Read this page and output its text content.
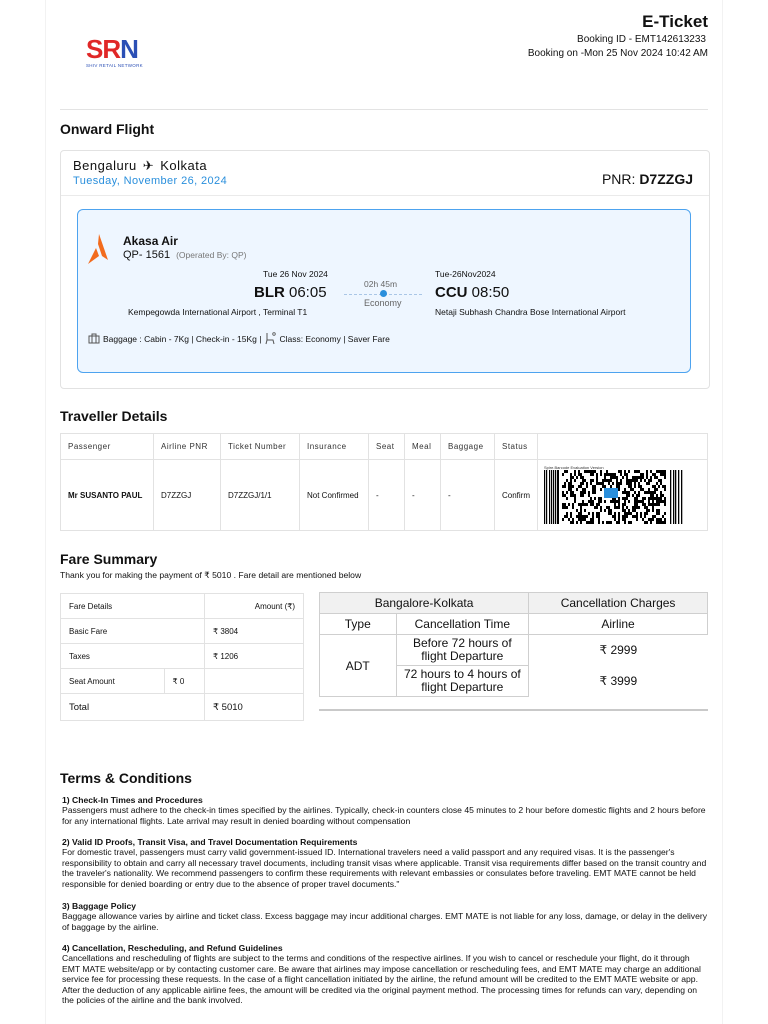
SRN
SHIV RETAIL NETWORK
E-Ticket
Booking ID - EMT142613233
Booking on -Mon 25 Nov 2024 10:42 AM
Onward Flight
Bengaluru ✈ Kolkata
Tuesday, November 26, 2024	PNR: D7ZZGJ
Akasa Air
QP- 1561 (Operated By: QP)
Tue 26 Nov 2024
BLR 06:05
Kempegowda International Airport , Terminal T1
02h 45m
Economy
Tue-26Nov2024
CCU 08:50
Netaji Subhash Chandra Bose International Airport
Baggage : Cabin - 7Kg | Check-in - 15Kg | Class: Economy | Saver Fare
Traveller Details
Passenger	Airline PNR	Ticket Number	Insurance	Seat	Meal	Baggage	Status	
Mr SUSANTO PAUL	D7ZZGJ	D7ZZGJ/1/1	Not Confirmed	-	-	-	Confirm	Spire.Barcode Evaluation Version
Fare Summary
Thank you for making the payment of ₹ 5010 . Fare detail are mentioned below
Fare Details		Amount (₹)
Basic Fare		₹ 3804
Taxes		₹ 1206
Seat Amount	₹ 0	
Total		₹ 5010
Bangalore-Kolkata		Cancellation Charges
Type	Cancellation Time	Airline
ADT	Before 72 hours of flight Departure	₹ 2999
	72 hours to 4 hours of flight Departure	₹ 3999
Terms & Conditions
1) Check-In Times and Procedures
Passengers must adhere to the check-in times specified by the airlines. Typically, check-in counters close 45 minutes to 2 hour before domestic flights and 2 hours before for any international flights. Late arrival may result in denied boarding without compensation
2) Valid ID Proofs, Transit Visa, and Travel Documentation Requirements
For domestic travel, passengers must carry valid government-issued ID. International travelers need a valid passport and any required visas. It is the passenger's responsibility to obtain and carry all necessary travel documents, including transit visas where applicable. Transit visa requirements differ based on the transit country and the traveler's nationality. We recommend passengers to confirm these requirements with relevant embassies or consulates before traveling. EMT MATE cannot be held responsible for denied boarding or entry due to the absence of proper travel documents."
3) Baggage Policy
Baggage allowance varies by airline and ticket class. Excess baggage may incur additional charges. EMT MATE is not liable for any loss, damage, or delay in the delivery of baggage by the airline.
4) Cancellation, Rescheduling, and Refund Guidelines
Cancellations and rescheduling of flights are subject to the terms and conditions of the respective airlines. If you wish to cancel or reschedule your flight, do it through EMT MATE website/app or by contacting customer care. Be aware that airlines may impose cancellation or rescheduling fees, and EMT MATE may charge an additional service fee for processing these requests. In the case of a flight cancellation initiated by the airline, the refund amount will be credited to the EMT MATE website or app. After the deduction of any applicable airline fees, the amount will be credited via the original payment method. The processing times for refunds can vary, depending on the policies of the airline and the bank involved.
